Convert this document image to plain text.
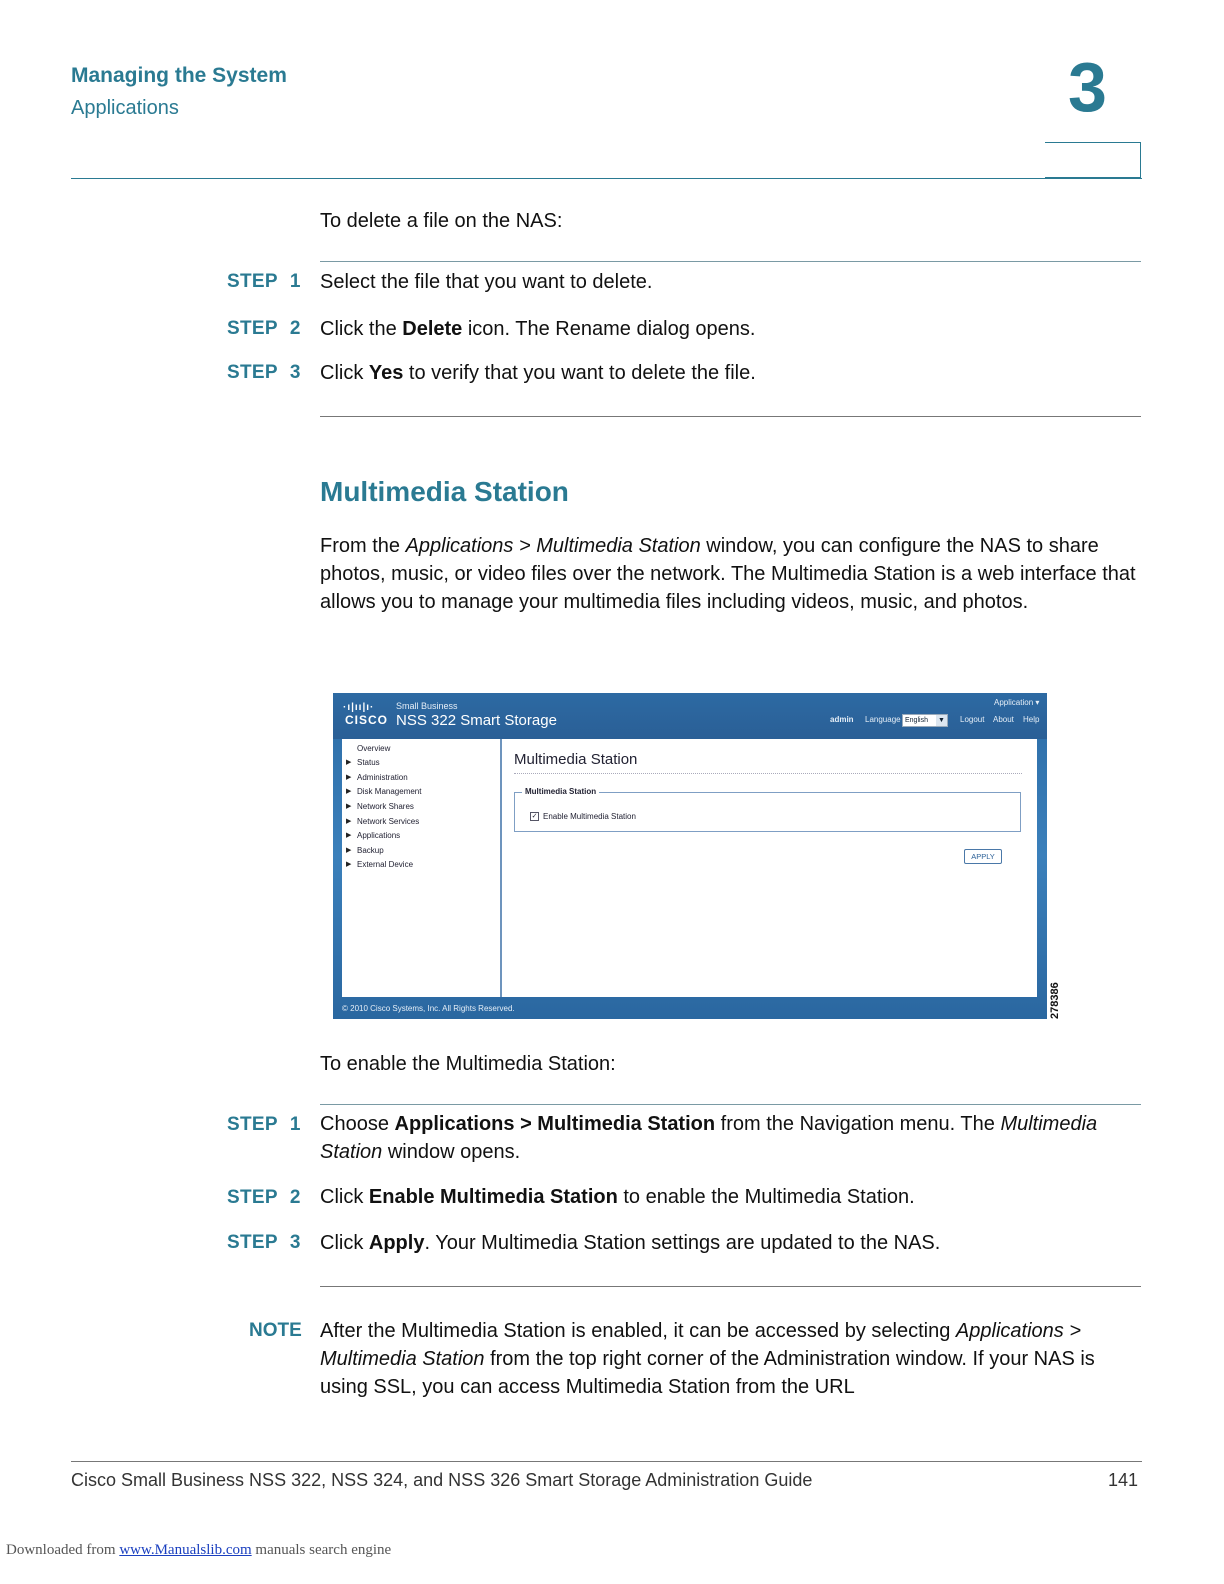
Managing the System
Applications	3
To delete a file on the NAS:
STEP 1 Select the file that you want to delete.
STEP 2 Click the Delete icon. The Rename dialog opens.
STEP 3 Click Yes to verify that you want to delete the file.
Multimedia Station
From the Applications > Multimedia Station window, you can configure the NAS to share photos, music, or video files over the network. The Multimedia Station is a web interface that allows you to manage your multimedia files including videos, music, and photos.
·ı|ıı|ı·
CISCO
Small Business
NSS 322 Smart Storage
Application ▾
admin Language English ▼ Logout About Help
Overview
▶ Status
▶ Administration
▶ Disk Management
▶ Network Shares
▶ Network Services
▶ Applications
▶ Backup
▶ External Device
Multimedia Station
Multimedia Station
✓ Enable Multimedia Station
APPLY
© 2010 Cisco Systems, Inc. All Rights Reserved.	278386
To enable the Multimedia Station:
STEP 1 Choose Applications > Multimedia Station from the Navigation menu. The Multimedia Station window opens.
STEP 2 Click Enable Multimedia Station to enable the Multimedia Station.
STEP 3 Click Apply. Your Multimedia Station settings are updated to the NAS.
NOTE After the Multimedia Station is enabled, it can be accessed by selecting Applications > Multimedia Station from the top right corner of the Administration window. If your NAS is using SSL, you can access Multimedia Station from the URL
Cisco Small Business NSS 322, NSS 324, and NSS 326 Smart Storage Administration Guide	141
Downloaded from www.Manualslib.com manuals search engine
